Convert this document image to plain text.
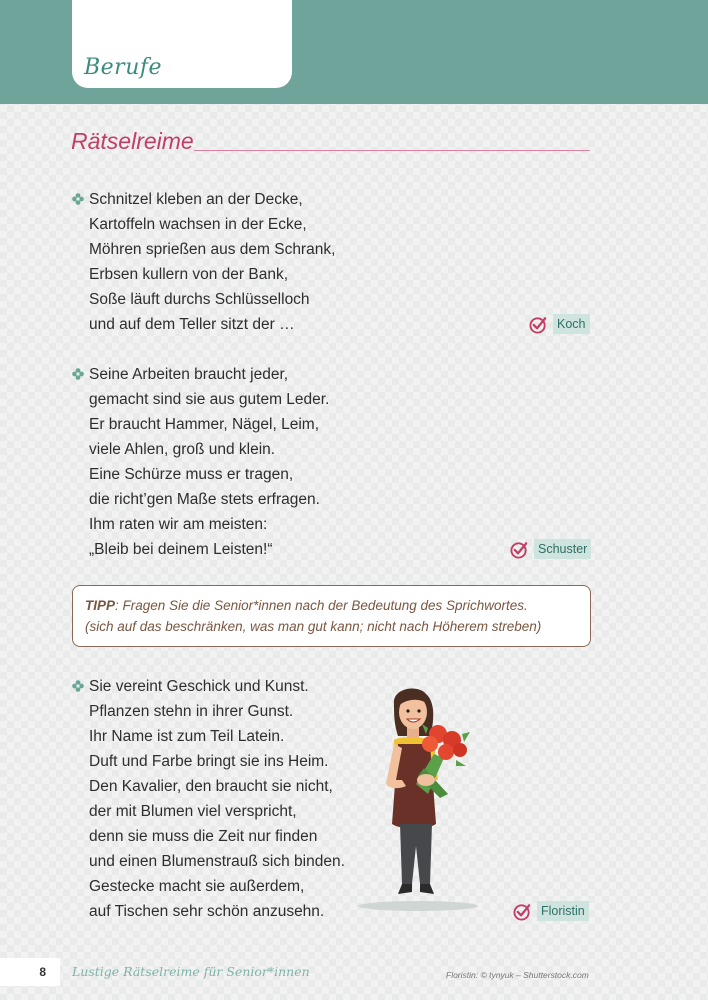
Berufe
Rätselreime
Schnitzel kleben an der Decke,
Kartoffeln wachsen in der Ecke,
Möhren sprießen aus dem Schrank,
Erbsen kullern von der Bank,
Soße läuft durchs Schlüsselloch
und auf dem Teller sitzt der …	Koch
Seine Arbeiten braucht jeder,
gemacht sind sie aus gutem Leder.
Er braucht Hammer, Nägel, Leim,
viele Ahlen, groß und klein.
Eine Schürze muss er tragen,
die richt’gen Maße stets erfragen.
Ihm raten wir am meisten:
„Bleib bei deinem Leisten!“	Schuster

TIPP: Fragen Sie die Senior*innen nach der Bedeutung des Sprichwortes.

(sich auf das beschränken, was man gut kann; nicht nach Höherem streben)

Sie vereint Geschick und Kunst.
Pflanzen stehn in ihrer Gunst.
Ihr Name ist zum Teil Latein.
Duft und Farbe bringt sie ins Heim.
Den Kavalier, den braucht sie nicht,
der mit Blumen viel verspricht,
denn sie muss die Zeit nur finden
und einen Blumenstrauß sich binden.
Gestecke macht sie außerdem,
auf Tischen sehr schön anzusehn.	Floristin
8	Lustige Rätselreime für Senior*innen	Floristin: © tynyuk – Shutterstock.com
